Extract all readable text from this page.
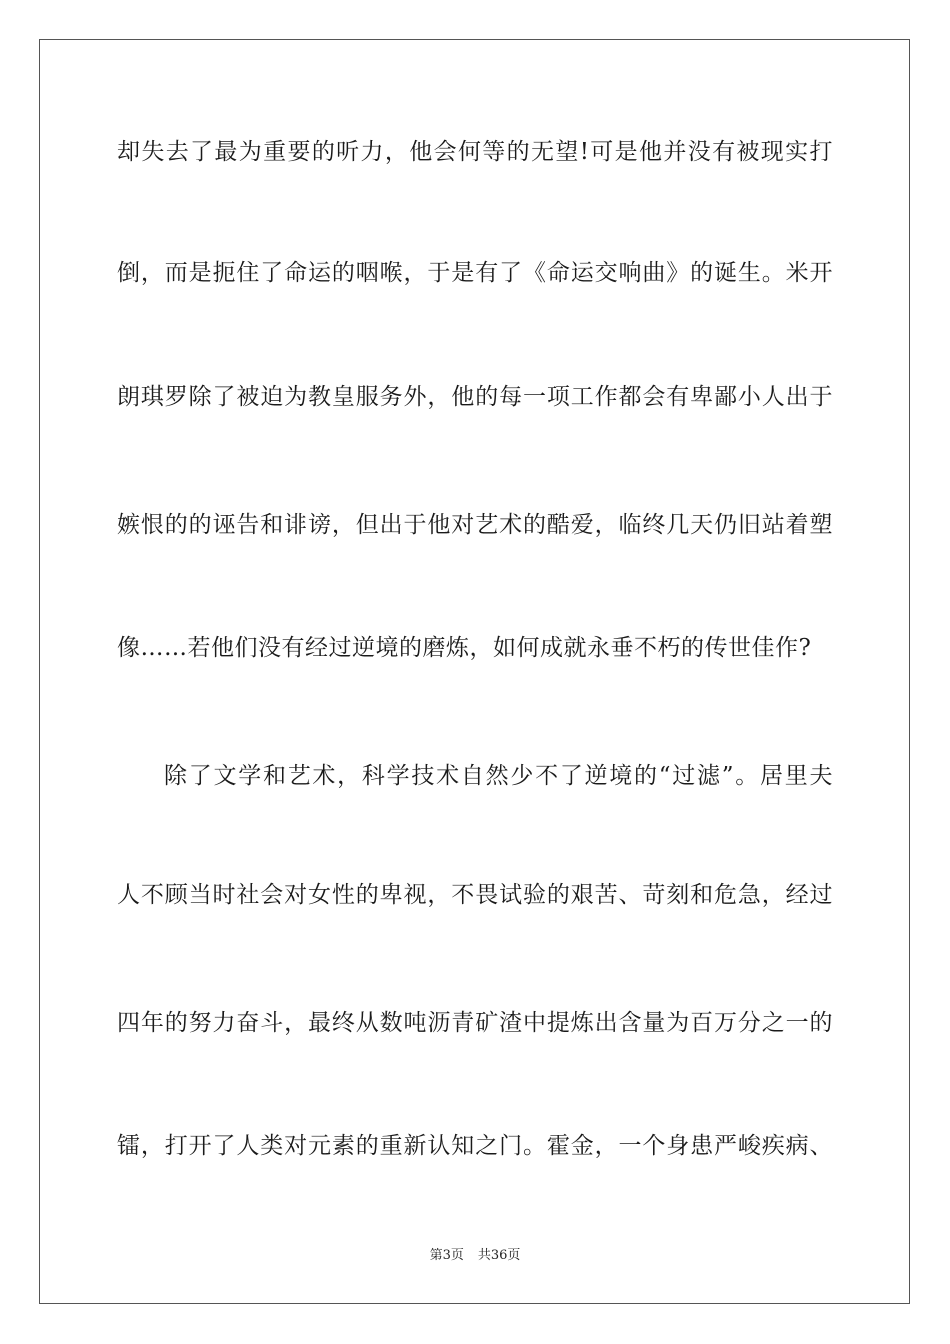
却失去了最为重要的听力，他会何等的无望!可是他并没有被现实打
倒，而是扼住了命运的咽喉，于是有了《命运交响曲》的诞生。米开
朗琪罗除了被迫为教皇服务外，他的每一项工作都会有卑鄙小人出于
嫉恨的的诬告和诽谤，但出于他对艺术的酷爱，临终几天仍旧站着塑
像……若他们没有经过逆境的磨炼，如何成就永垂不朽的传世佳作?
除了文学和艺术，科学技术自然少不了逆境的“过滤”。居里夫
人不顾当时社会对女性的卑视，不畏试验的艰苦、苛刻和危急，经过
四年的努力奋斗，最终从数吨沥青矿渣中提炼出含量为百万分之一的
镭，打开了人类对元素的重新认知之门。霍金，一个身患严峻疾病、
第3页 共36页
